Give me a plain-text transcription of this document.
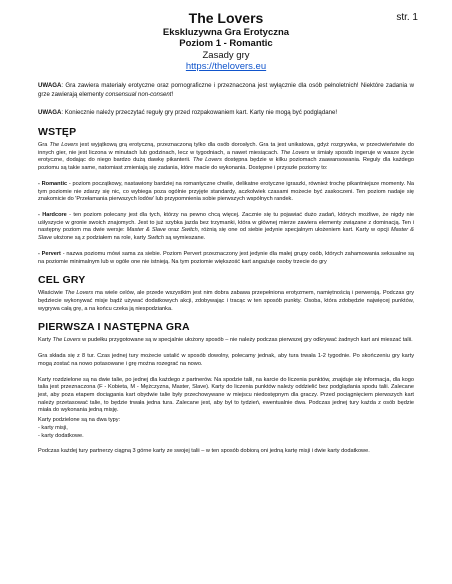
str. 1
The Lovers
Ekskluzywna Gra Erotyczna
Poziom 1 - Romantic
Zasady gry
https://thelovers.eu

UWAGA: Gra zawiera materiały erotyczne oraz pornograficzne i przeznaczona jest wyłącznie dla osób pełnoletnich! Niektóre zadania w grze zawierają elementy consensual non-consent!

UWAGA: Konieczniе należy przeczytać reguły gry przed rozpakowaniem kart. Karty nie mogą być podglądane!

WSTĘP

Gra The Lovers jest wyjątkową grą erotyczną, przeznaczoną tylko dla osób dorosłych. Gra ta jest unikatowa, gdyż rozgrywka, w przeciwieństwie do innych gier, nie jest liczona w minutach lub godzinach, lecz w tygodniach, a nawet miesiącach. The Lovers w śmiały sposób ingeruje w wasze życie erotyczne, dodając do niego bardzo dużą dawkę pikanterii. The Lovers dostępna będzie w kilku poziomach zaawansowania. Reguły dla każdego poziomu są takie same, natomiast zmieniają się zadania, które macie do wykonania. Dostępne i przyszłe poziomy to:

- Romantic - poziom początkowy, nastawiony bardziej na romantyczne chwile, delikatne erotyczne igraszki, również trochę pikantniejsze momenty. Na tym poziomie nie zdarzy się nic, co wybiega poza ogólnie przyjęte standardy, aczkolwiek czasami możecie być zaskoczeni. Ten poziom nadaje się znakomicie do 'Przełamania pierwszych lodów' lub przypomnienia sobie pierwszych wspólnych randek.

- Hardcore - ten poziom polecany jest dla tych, którzy na pewno chcą więcej. Zacznie się tu pojawiać dużo zadań, których możliwe, że nigdy nie uśłyszycie w gronie swoich znajomych. Jest to już szybka jazda bez trzymanki, która w głównej mierze zawiera elementy związane z dominacją. Ten i następny poziom ma dwie wersje: Master & Slave oraz Switch, różnią się one od siebie jedynie specjalnym ułożeniem kart. Karty w opcji Master & Slave ułożone są z podziałem na role, karty Switch są wymieszane.

- Pervert - nazwa poziomu mówi sama za siebie. Poziom Pervert przeznaczony jest jedynie dla małej grupy osób, których zahamowania seksualne są na poziomie minimalnym lub w ogóle one nie istnieją. Na tym poziomie większość kart angażuje osoby trzecie do gry

CEL GRY

Właściwie The Lovers ma wiele celów, ale przede wszystkim jest nim dobra zabawa przepełniona erotyzmem, namiętnością i perwersją. Podczas gry będziecie wykonywać misje bądź używać dodatkowych akcji, zdobywając i tracąc w ten sposób punkty. Osoba, która zdobędzie najwięcej punktów, wygrywa całą grę, a na końcu czeka ją niespodzianka.

PIERWSZA I NASTĘPNA GRA

Karty The Lovers w pudełku przygotowane są w specjalnie ułożony sposób – nie należy podczas pierwszej gry odkrywać żadnych kart ani mieszać talii.

Gra składa się z 8 tur. Czas jednej tury możecie ustalić w sposób dowolny, polecamy jednak, aby tura trwała 1-2 tygodnie. Po skończeniu gry karty mogą zostać na nowo potasowane i grę można rozegrać na nowo.

Karty rozdzielone są na dwie talie, po jednej dla każdego z partnerów. Na spodzie talii, na karcie do liczenia punktów, znajduje się informacja, dla kogo talia jest przeznaczona (F - Kobieta, M - Mężczyzna, Master, Slave). Karty do liczenia punktów należy oddzielić bez podglądania spodu talii. Zalecane jest, aby poza etapem dociągania kart obydwie talie były przechowywane w miejscu niedostępnym dla graczy. Przed pociągnięciem pierwszych kart należy przetasować talie, to będzie trwała jedna tura. Zalecane jest, aby był to tydzień, ewentualnie dwa. Podczas jednej tury każda z osób będzie miała do wykonania jedną misję.

Karty podzielone są na dwa typy:

- karty misji,
- karty dodatkowe.

Podczas każdej tury partnerzy ciągną 3 górne karty ze swojej talii – w ten sposób dobiorą oni jedną kartę misji i dwie karty dodatkowe.
